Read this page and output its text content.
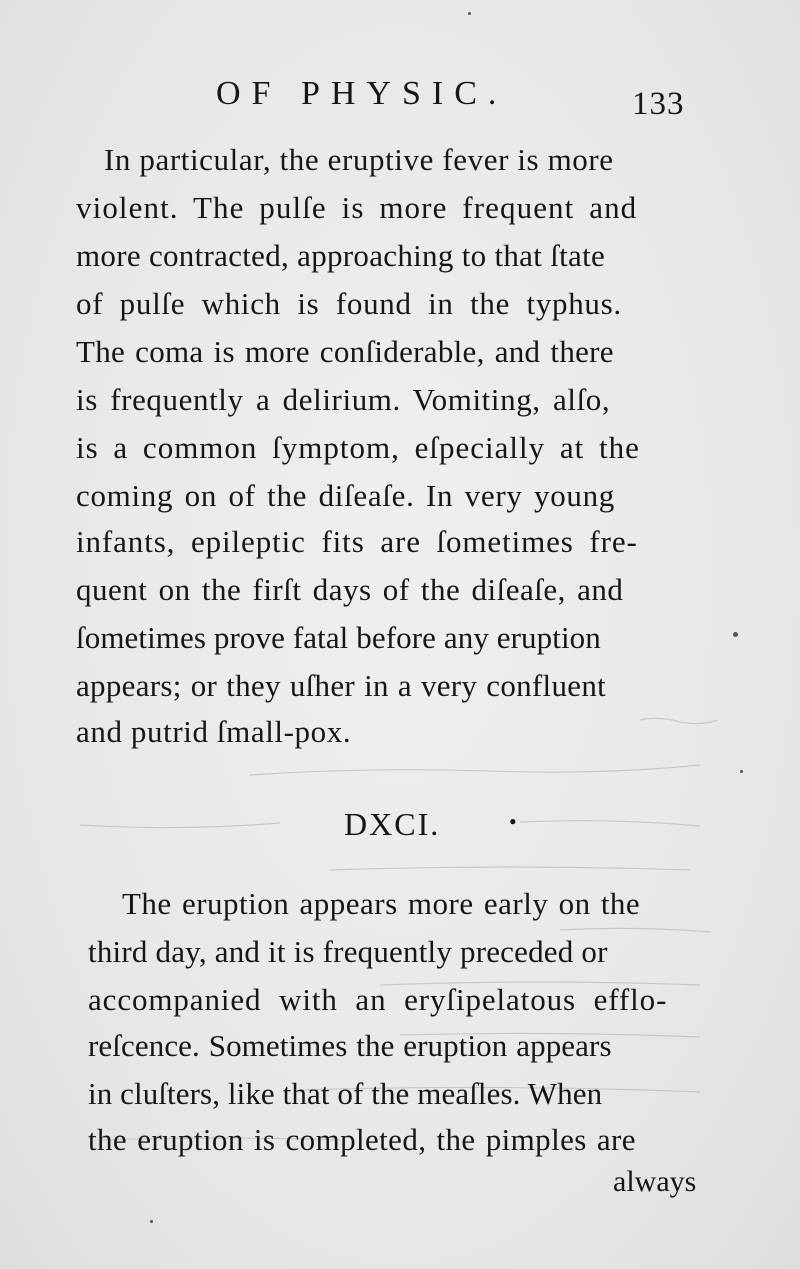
OF PHYSIC.	133
In particular, the eruptive fever is more
violent. The pulſe is more frequent and
more contracted, approaching to that ſtate
of pulſe which is found in the typhus.
The coma is more conſiderable, and there
is frequently a delirium. Vomiting, alſo,
is a common ſymptom, eſpecially at the
coming on of the diſeaſe. In very young
infants, epileptic fits are ſometimes fre-
quent on the firſt days of the diſeaſe, and
ſometimes prove fatal before any eruption
appears; or they uſher in a very confluent
and putrid ſmall-pox.
DXCI.	•
The eruption appears more early on the
third day, and it is frequently preceded or
accompanied with an eryſipelatous efflo-
reſcence. Sometimes the eruption appears
in cluſters, like that of the meaſles. When
the eruption is completed, the pimples are
always
